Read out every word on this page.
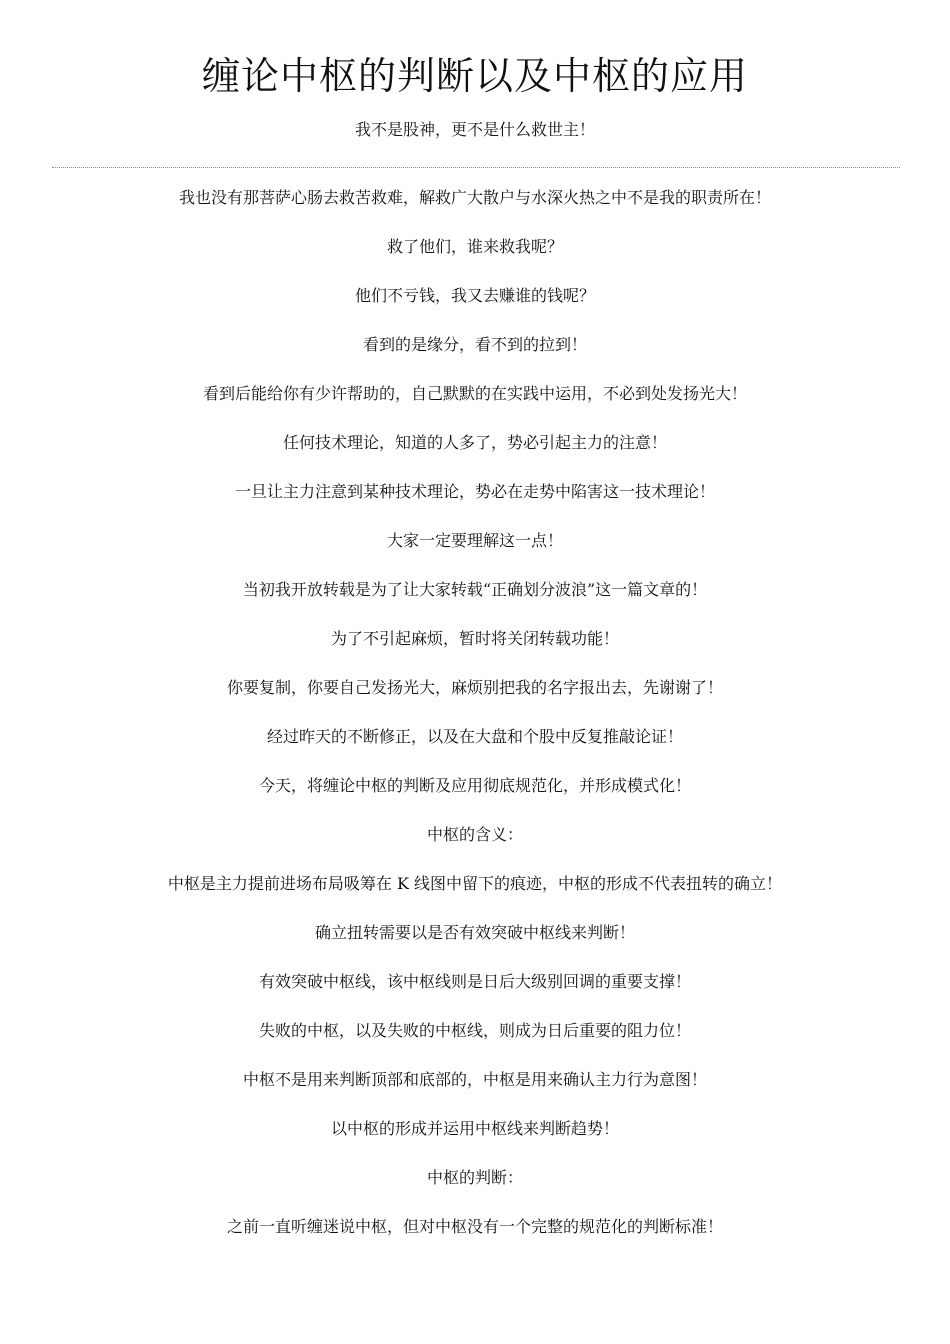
缠论中枢的判断以及中枢的应用

我不是股神，更不是什么救世主！

我也没有那菩萨心肠去救苦救难，解救广大散户与水深火热之中不是我的职责所在！
救了他们，谁来救我呢？
他们不亏钱，我又去赚谁的钱呢？
看到的是缘分，看不到的拉到！
看到后能给你有少许帮助的，自己默默的在实践中运用，不必到处发扬光大！
任何技术理论，知道的人多了，势必引起主力的注意！
一旦让主力注意到某种技术理论，势必在走势中陷害这一技术理论！
大家一定要理解这一点！
当初我开放转载是为了让大家转载“正确划分波浪”这一篇文章的！
为了不引起麻烦，暂时将关闭转载功能！
你要复制，你要自己发扬光大，麻烦别把我的名字报出去，先谢谢了！
经过昨天的不断修正，以及在大盘和个股中反复推敲论证！
今天，将缠论中枢的判断及应用彻底规范化，并形成模式化！
中枢的含义：
中枢是主力提前进场布局吸筹在 K 线图中留下的痕迹，中枢的形成不代表扭转的确立！
确立扭转需要以是否有效突破中枢线来判断！
有效突破中枢线，该中枢线则是日后大级别回调的重要支撑！
失败的中枢，以及失败的中枢线，则成为日后重要的阻力位！
中枢不是用来判断顶部和底部的，中枢是用来确认主力行为意图！
以中枢的形成并运用中枢线来判断趋势！
中枢的判断：
之前一直听缠迷说中枢，但对中枢没有一个完整的规范化的判断标准！
